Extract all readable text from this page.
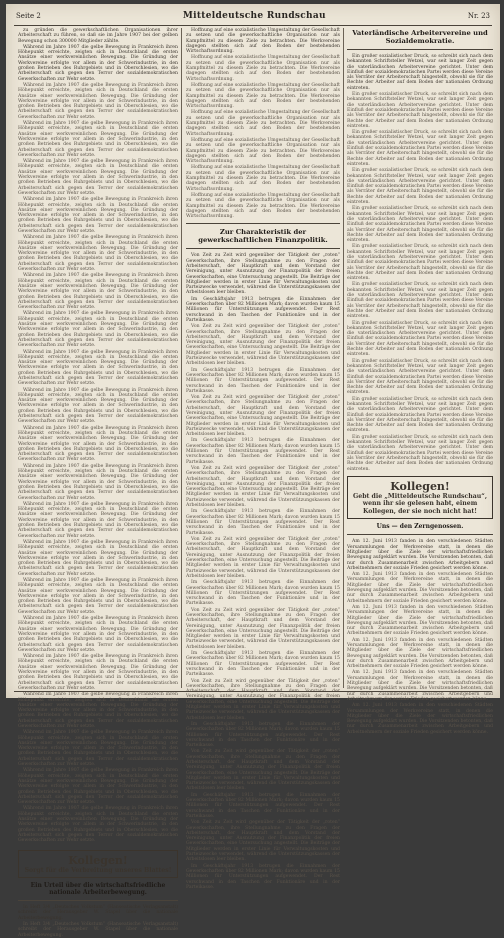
Seite 2	Mitteldeutsche Rundschau	Nr. 23

zu gründen die gewerkschaftlichen Organisationen ihrer Arbeiterschaft zu führen, so daß sie im Jahre 1907 bei der gelben Bewegung schon 300000 Mitglieder zählte.

Während im Jahre 1907 die gelbe Bewegung in Frankreich ihren Höhepunkt erreichte, zeigten sich in Deutschland die ersten Ansätze einer werkvereinlichen Bewegung. Die Gründung der Werkvereine erfolgte vor allem in der Schwerindustrie, in den großen Betrieben des Ruhrgebiets und in Oberschlesien, wo die Arbeiterschaft sich gegen den Terror der sozialdemokratischen Gewerkschaften zur Wehr setzte.

Während im Jahre 1907 die gelbe Bewegung in Frankreich ihren Höhepunkt erreichte, zeigten sich in Deutschland die ersten Ansätze einer werkvereinlichen Bewegung. Die Gründung der Werkvereine erfolgte vor allem in der Schwerindustrie, in den großen Betrieben des Ruhrgebiets und in Oberschlesien, wo die Arbeiterschaft sich gegen den Terror der sozialdemokratischen Gewerkschaften zur Wehr setzte.

Während im Jahre 1907 die gelbe Bewegung in Frankreich ihren Höhepunkt erreichte, zeigten sich in Deutschland die ersten Ansätze einer werkvereinlichen Bewegung. Die Gründung der Werkvereine erfolgte vor allem in der Schwerindustrie, in den großen Betrieben des Ruhrgebiets und in Oberschlesien, wo die Arbeiterschaft sich gegen den Terror der sozialdemokratischen Gewerkschaften zur Wehr setzte.

Während im Jahre 1907 die gelbe Bewegung in Frankreich ihren Höhepunkt erreichte, zeigten sich in Deutschland die ersten Ansätze einer werkvereinlichen Bewegung. Die Gründung der Werkvereine erfolgte vor allem in der Schwerindustrie, in den großen Betrieben des Ruhrgebiets und in Oberschlesien, wo die Arbeiterschaft sich gegen den Terror der sozialdemokratischen Gewerkschaften zur Wehr setzte.

Während im Jahre 1907 die gelbe Bewegung in Frankreich ihren Höhepunkt erreichte, zeigten sich in Deutschland die ersten Ansätze einer werkvereinlichen Bewegung. Die Gründung der Werkvereine erfolgte vor allem in der Schwerindustrie, in den großen Betrieben des Ruhrgebiets und in Oberschlesien, wo die Arbeiterschaft sich gegen den Terror der sozialdemokratischen Gewerkschaften zur Wehr setzte.

Während im Jahre 1907 die gelbe Bewegung in Frankreich ihren Höhepunkt erreichte, zeigten sich in Deutschland die ersten Ansätze einer werkvereinlichen Bewegung. Die Gründung der Werkvereine erfolgte vor allem in der Schwerindustrie, in den großen Betrieben des Ruhrgebiets und in Oberschlesien, wo die Arbeiterschaft sich gegen den Terror der sozialdemokratischen Gewerkschaften zur Wehr setzte.

Während im Jahre 1907 die gelbe Bewegung in Frankreich ihren Höhepunkt erreichte, zeigten sich in Deutschland die ersten Ansätze einer werkvereinlichen Bewegung. Die Gründung der Werkvereine erfolgte vor allem in der Schwerindustrie, in den großen Betrieben des Ruhrgebiets und in Oberschlesien, wo die Arbeiterschaft sich gegen den Terror der sozialdemokratischen Gewerkschaften zur Wehr setzte.

Während im Jahre 1907 die gelbe Bewegung in Frankreich ihren Höhepunkt erreichte, zeigten sich in Deutschland die ersten Ansätze einer werkvereinlichen Bewegung. Die Gründung der Werkvereine erfolgte vor allem in der Schwerindustrie, in den großen Betrieben des Ruhrgebiets und in Oberschlesien, wo die Arbeiterschaft sich gegen den Terror der sozialdemokratischen Gewerkschaften zur Wehr setzte.

Während im Jahre 1907 die gelbe Bewegung in Frankreich ihren Höhepunkt erreichte, zeigten sich in Deutschland die ersten Ansätze einer werkvereinlichen Bewegung. Die Gründung der Werkvereine erfolgte vor allem in der Schwerindustrie, in den großen Betrieben des Ruhrgebiets und in Oberschlesien, wo die Arbeiterschaft sich gegen den Terror der sozialdemokratischen Gewerkschaften zur Wehr setzte.

Während im Jahre 1907 die gelbe Bewegung in Frankreich ihren Höhepunkt erreichte, zeigten sich in Deutschland die ersten Ansätze einer werkvereinlichen Bewegung. Die Gründung der Werkvereine erfolgte vor allem in der Schwerindustrie, in den großen Betrieben des Ruhrgebiets und in Oberschlesien, wo die Arbeiterschaft sich gegen den Terror der sozialdemokratischen Gewerkschaften zur Wehr setzte.

Während im Jahre 1907 die gelbe Bewegung in Frankreich ihren Höhepunkt erreichte, zeigten sich in Deutschland die ersten Ansätze einer werkvereinlichen Bewegung. Die Gründung der Werkvereine erfolgte vor allem in der Schwerindustrie, in den großen Betrieben des Ruhrgebiets und in Oberschlesien, wo die Arbeiterschaft sich gegen den Terror der sozialdemokratischen Gewerkschaften zur Wehr setzte.

Während im Jahre 1907 die gelbe Bewegung in Frankreich ihren Höhepunkt erreichte, zeigten sich in Deutschland die ersten Ansätze einer werkvereinlichen Bewegung. Die Gründung der Werkvereine erfolgte vor allem in der Schwerindustrie, in den großen Betrieben des Ruhrgebiets und in Oberschlesien, wo die Arbeiterschaft sich gegen den Terror der sozialdemokratischen Gewerkschaften zur Wehr setzte.

Während im Jahre 1907 die gelbe Bewegung in Frankreich ihren Höhepunkt erreichte, zeigten sich in Deutschland die ersten Ansätze einer werkvereinlichen Bewegung. Die Gründung der Werkvereine erfolgte vor allem in der Schwerindustrie, in den großen Betrieben des Ruhrgebiets und in Oberschlesien, wo die Arbeiterschaft sich gegen den Terror der sozialdemokratischen Gewerkschaften zur Wehr setzte.

Während im Jahre 1907 die gelbe Bewegung in Frankreich ihren Höhepunkt erreichte, zeigten sich in Deutschland die ersten Ansätze einer werkvereinlichen Bewegung. Die Gründung der Werkvereine erfolgte vor allem in der Schwerindustrie, in den großen Betrieben des Ruhrgebiets und in Oberschlesien, wo die Arbeiterschaft sich gegen den Terror der sozialdemokratischen Gewerkschaften zur Wehr setzte.

Während im Jahre 1907 die gelbe Bewegung in Frankreich ihren Höhepunkt erreichte, zeigten sich in Deutschland die ersten Ansätze einer werkvereinlichen Bewegung. Die Gründung der Werkvereine erfolgte vor allem in der Schwerindustrie, in den großen Betrieben des Ruhrgebiets und in Oberschlesien, wo die Arbeiterschaft sich gegen den Terror der sozialdemokratischen Gewerkschaften zur Wehr setzte.

Während im Jahre 1907 die gelbe Bewegung in Frankreich ihren Höhepunkt erreichte, zeigten sich in Deutschland die ersten Ansätze einer werkvereinlichen Bewegung. Die Gründung der Werkvereine erfolgte vor allem in der Schwerindustrie, in den großen Betrieben des Ruhrgebiets und in Oberschlesien, wo die Arbeiterschaft sich gegen den Terror der sozialdemokratischen Gewerkschaften zur Wehr setzte.

Während im Jahre 1907 die gelbe Bewegung in Frankreich ihren Höhepunkt erreichte, zeigten sich in Deutschland die ersten Ansätze einer werkvereinlichen Bewegung. Die Gründung der Werkvereine erfolgte vor allem in der Schwerindustrie, in den großen Betrieben des Ruhrgebiets und in Oberschlesien, wo die Arbeiterschaft sich gegen den Terror der sozialdemokratischen Gewerkschaften zur Wehr setzte.

Während im Jahre 1907 die gelbe Bewegung in Frankreich ihren Höhepunkt erreichte, zeigten sich in Deutschland die ersten Ansätze einer werkvereinlichen Bewegung. Die Gründung der Werkvereine erfolgte vor allem in der Schwerindustrie, in den großen Betrieben des Ruhrgebiets und in Oberschlesien, wo die Arbeiterschaft sich gegen den Terror der sozialdemokratischen Gewerkschaften zur Wehr setzte.

Während im Jahre 1907 die gelbe Bewegung in Frankreich ihren Höhepunkt erreichte, zeigten sich in Deutschland die ersten Ansätze einer werkvereinlichen Bewegung. Die Gründung der Werkvereine erfolgte vor allem in der Schwerindustrie, in den großen Betrieben des Ruhrgebiets und in Oberschlesien, wo die Arbeiterschaft sich gegen den Terror der sozialdemokratischen Gewerkschaften zur Wehr setzte.

Während im Jahre 1907 die gelbe Bewegung in Frankreich ihren Höhepunkt erreichte, zeigten sich in Deutschland die ersten Ansätze einer werkvereinlichen Bewegung. Die Gründung der Werkvereine erfolgte vor allem in der Schwerindustrie, in den großen Betrieben des Ruhrgebiets und in Oberschlesien, wo die Arbeiterschaft sich gegen den Terror der sozialdemokratischen Gewerkschaften zur Wehr setzte.

Während im Jahre 1907 die gelbe Bewegung in Frankreich ihren Höhepunkt erreichte, zeigten sich in Deutschland die ersten Ansätze einer werkvereinlichen Bewegung. Die Gründung der Werkvereine erfolgte vor allem in der Schwerindustrie, in den großen Betrieben des Ruhrgebiets und in Oberschlesien, wo die Arbeiterschaft sich gegen den Terror der sozialdemokratischen Gewerkschaften zur Wehr setzte.

Kollegen!
Sorgt für die Verbreitung unseres Blattes!
Ein Urteil über die wirtschaftsfriedliche nationale Arbeiterbewegung.

In Heft 3/4 „Deutsches Volkstum“ (Hanseatische Verlagsanstalt) schreibt der Herausgeber W. Stapel über die nationale Arbeiterbewegung.

In Heft 3/4 „Deutsches Volkstum“ (Hanseatische Verlagsanstalt) schreibt der Herausgeber W. Stapel über die nationale Arbeiterbewegung.

Hoffnung auf eine sozialistische Umgestaltung der Gesellschaft zu setzen und die gewerkschaftliche Organisation nur als Kampfmittel zu diesem Ziele zu betrachten. Die Werkvereine dagegen stellten sich auf den Boden der bestehenden Wirtschaftsordnung.

Hoffnung auf eine sozialistische Umgestaltung der Gesellschaft zu setzen und die gewerkschaftliche Organisation nur als Kampfmittel zu diesem Ziele zu betrachten. Die Werkvereine dagegen stellten sich auf den Boden der bestehenden Wirtschaftsordnung.

Hoffnung auf eine sozialistische Umgestaltung der Gesellschaft zu setzen und die gewerkschaftliche Organisation nur als Kampfmittel zu diesem Ziele zu betrachten. Die Werkvereine dagegen stellten sich auf den Boden der bestehenden Wirtschaftsordnung.

Hoffnung auf eine sozialistische Umgestaltung der Gesellschaft zu setzen und die gewerkschaftliche Organisation nur als Kampfmittel zu diesem Ziele zu betrachten. Die Werkvereine dagegen stellten sich auf den Boden der bestehenden Wirtschaftsordnung.

Hoffnung auf eine sozialistische Umgestaltung der Gesellschaft zu setzen und die gewerkschaftliche Organisation nur als Kampfmittel zu diesem Ziele zu betrachten. Die Werkvereine dagegen stellten sich auf den Boden der bestehenden Wirtschaftsordnung.

Hoffnung auf eine sozialistische Umgestaltung der Gesellschaft zu setzen und die gewerkschaftliche Organisation nur als Kampfmittel zu diesem Ziele zu betrachten. Die Werkvereine dagegen stellten sich auf den Boden der bestehenden Wirtschaftsordnung.

Hoffnung auf eine sozialistische Umgestaltung der Gesellschaft zu setzen und die gewerkschaftliche Organisation nur als Kampfmittel zu diesem Ziele zu betrachten. Die Werkvereine dagegen stellten sich auf den Boden der bestehenden Wirtschaftsordnung.

Zur Charakteristik der gewerkschaftlichen Finanzpolitik.

Von Zeit zu Zeit wird gegenüber der Tätigkeit der „roten“ Gewerkschaften, ihre Stellungnahme zu den Fragen der Arbeiterschaft, der Hauptkraft und dem Vorstand der Vereinigung, unter Ausnutzung der Finanzpolitik der freien Gewerkschaften, eine Untersuchung angestellt. Die Beiträge der Mitglieder werden in erster Linie für Verwaltungskosten und Parteizwecke verwendet, während die Unterstützungskassen der Arbeitslosen leer bleiben.

Im Geschäftsjahr 1913 betrugen die Einnahmen der Gewerkschaften über 82 Millionen Mark; davon wurden kaum 15 Millionen für Unterstützungen aufgewendet. Der Rest verschwand in den Taschen der Funktionäre und in der Parteikasse.

Von Zeit zu Zeit wird gegenüber der Tätigkeit der „roten“ Gewerkschaften, ihre Stellungnahme zu den Fragen der Arbeiterschaft, der Hauptkraft und dem Vorstand der Vereinigung, unter Ausnutzung der Finanzpolitik der freien Gewerkschaften, eine Untersuchung angestellt. Die Beiträge der Mitglieder werden in erster Linie für Verwaltungskosten und Parteizwecke verwendet, während die Unterstützungskassen der Arbeitslosen leer bleiben.

Im Geschäftsjahr 1913 betrugen die Einnahmen der Gewerkschaften über 82 Millionen Mark; davon wurden kaum 15 Millionen für Unterstützungen aufgewendet. Der Rest verschwand in den Taschen der Funktionäre und in der Parteikasse.

Von Zeit zu Zeit wird gegenüber der Tätigkeit der „roten“ Gewerkschaften, ihre Stellungnahme zu den Fragen der Arbeiterschaft, der Hauptkraft und dem Vorstand der Vereinigung, unter Ausnutzung der Finanzpolitik der freien Gewerkschaften, eine Untersuchung angestellt. Die Beiträge der Mitglieder werden in erster Linie für Verwaltungskosten und Parteizwecke verwendet, während die Unterstützungskassen der Arbeitslosen leer bleiben.

Im Geschäftsjahr 1913 betrugen die Einnahmen der Gewerkschaften über 82 Millionen Mark; davon wurden kaum 15 Millionen für Unterstützungen aufgewendet. Der Rest verschwand in den Taschen der Funktionäre und in der Parteikasse.

Von Zeit zu Zeit wird gegenüber der Tätigkeit der „roten“ Gewerkschaften, ihre Stellungnahme zu den Fragen der Arbeiterschaft, der Hauptkraft und dem Vorstand der Vereinigung, unter Ausnutzung der Finanzpolitik der freien Gewerkschaften, eine Untersuchung angestellt. Die Beiträge der Mitglieder werden in erster Linie für Verwaltungskosten und Parteizwecke verwendet, während die Unterstützungskassen der Arbeitslosen leer bleiben.

Im Geschäftsjahr 1913 betrugen die Einnahmen der Gewerkschaften über 82 Millionen Mark; davon wurden kaum 15 Millionen für Unterstützungen aufgewendet. Der Rest verschwand in den Taschen der Funktionäre und in der Parteikasse.

Von Zeit zu Zeit wird gegenüber der Tätigkeit der „roten“ Gewerkschaften, ihre Stellungnahme zu den Fragen der Arbeiterschaft, der Hauptkraft und dem Vorstand der Vereinigung, unter Ausnutzung der Finanzpolitik der freien Gewerkschaften, eine Untersuchung angestellt. Die Beiträge der Mitglieder werden in erster Linie für Verwaltungskosten und Parteizwecke verwendet, während die Unterstützungskassen der Arbeitslosen leer bleiben.

Im Geschäftsjahr 1913 betrugen die Einnahmen der Gewerkschaften über 82 Millionen Mark; davon wurden kaum 15 Millionen für Unterstützungen aufgewendet. Der Rest verschwand in den Taschen der Funktionäre und in der Parteikasse.

Von Zeit zu Zeit wird gegenüber der Tätigkeit der „roten“ Gewerkschaften, ihre Stellungnahme zu den Fragen der Arbeiterschaft, der Hauptkraft und dem Vorstand der Vereinigung, unter Ausnutzung der Finanzpolitik der freien Gewerkschaften, eine Untersuchung angestellt. Die Beiträge der Mitglieder werden in erster Linie für Verwaltungskosten und Parteizwecke verwendet, während die Unterstützungskassen der Arbeitslosen leer bleiben.

Im Geschäftsjahr 1913 betrugen die Einnahmen der Gewerkschaften über 82 Millionen Mark; davon wurden kaum 15 Millionen für Unterstützungen aufgewendet. Der Rest verschwand in den Taschen der Funktionäre und in der Parteikasse.

Von Zeit zu Zeit wird gegenüber der Tätigkeit der „roten“ Gewerkschaften, ihre Stellungnahme zu den Fragen der Vereinigung, unter Ausnutzung der Finanzpolitik der freien Gewerkschaften, eine Untersuchung angestellt. Die Beiträge der Mitglieder werden in erster Linie für Verwaltungskosten und Parteizwecke verwendet, während die Unterstützungskassen der Arbeitslosen leer bleiben.

Im Geschäftsjahr 1913 betrugen die Einnahmen der Gewerkschaften über 82 Millionen Mark; davon wurden kaum 15 Millionen für Unterstützungen aufgewendet. Der Rest verschwand in den Taschen der Funktionäre und in der Parteikasse.

Von Zeit zu Zeit wird gegenüber der Tätigkeit der „roten“ Gewerkschaften, ihre Stellungnahme zu den Fragen der Arbeiterschaft, der Hauptkraft und dem Vorstand der Vereinigung, unter Ausnutzung der Finanzpolitik der freien Gewerkschaften, eine Untersuchung angestellt. Die Beiträge der Mitglieder werden in erster Linie für Verwaltungskosten und Parteizwecke verwendet, während die Unterstützungskassen der Arbeitslosen leer bleiben.

Im Geschäftsjahr 1913 betrugen die Einnahmen der Gewerkschaften über 82 Millionen Mark; davon wurden kaum 15 Millionen für Unterstützungen aufgewendet. Der Rest verschwand in den Taschen der Funktionäre und in der Parteikasse.

Von Zeit zu Zeit wird gegenüber der Tätigkeit der „roten“ Gewerkschaften, ihre Stellungnahme zu den Fragen der Arbeiterschaft, der Hauptkraft und dem Vorstand der Vereinigung, unter Ausnutzung der Finanzpolitik der freien Gewerkschaften, eine Untersuchung angestellt. Die Beiträge der Mitglieder werden in erster Linie für Verwaltungskosten und Parteizwecke verwendet, während die Unterstützungskassen der Arbeitslosen leer bleiben.

Im Geschäftsjahr 1913 betrugen die Einnahmen der Gewerkschaften über 82 Millionen Mark; davon wurden kaum 15 Millionen für Unterstützungen aufgewendet. Der Rest verschwand in den Taschen der Funktionäre und in der Parteikasse.

Vaterländische Arbeitervereine und Sozialdemokratie.

Ein großer sozialistischer Druck, so schreibt sich nach dem bekannten Schriftsteller Wetzel, war seit langer Zeit gegen die vaterländischen Arbeitervereine gerichtet. Unter dem Einfluß der sozialdemokratischen Partei werden diese Vereine als Verräter der Arbeiterschaft hingestellt, obwohl sie für die Rechte der Arbeiter auf dem Boden der nationalen Ordnung eintreten.

Ein großer sozialistischer Druck, so schreibt sich nach dem bekannten Schriftsteller Wetzel, war seit langer Zeit gegen die vaterländischen Arbeitervereine gerichtet. Unter dem Einfluß der sozialdemokratischen Partei werden diese Vereine als Verräter der Arbeiterschaft hingestellt, obwohl sie für die Rechte der Arbeiter auf dem Boden der nationalen Ordnung eintreten.

Ein großer sozialistischer Druck, so schreibt sich nach dem bekannten Schriftsteller Wetzel, war seit langer Zeit gegen die vaterländischen Arbeitervereine gerichtet. Unter dem Einfluß der sozialdemokratischen Partei werden diese Vereine als Verräter der Arbeiterschaft hingestellt, obwohl sie für die Rechte der Arbeiter auf dem Boden der nationalen Ordnung eintreten.

Ein großer sozialistischer Druck, so schreibt sich nach dem bekannten Schriftsteller Wetzel, war seit langer Zeit gegen die vaterländischen Arbeitervereine gerichtet. Unter dem Einfluß der sozialdemokratischen Partei werden diese Vereine als Verräter der Arbeiterschaft hingestellt, obwohl sie für die Rechte der Arbeiter auf dem Boden der nationalen Ordnung eintreten.

Ein großer sozialistischer Druck, so schreibt sich nach dem bekannten Schriftsteller Wetzel, war seit langer Zeit gegen die vaterländischen Arbeitervereine gerichtet. Unter dem Einfluß der sozialdemokratischen Partei werden diese Vereine als Verräter der Arbeiterschaft hingestellt, obwohl sie für die Rechte der Arbeiter auf dem Boden der nationalen Ordnung eintreten.

Ein großer sozialistischer Druck, so schreibt sich nach dem bekannten Schriftsteller Wetzel, war seit langer Zeit gegen die vaterländischen Arbeitervereine gerichtet. Unter dem Einfluß der sozialdemokratischen Partei werden diese Vereine als Verräter der Arbeiterschaft hingestellt, obwohl sie für die Rechte der Arbeiter auf dem Boden der nationalen Ordnung eintreten.

Ein großer sozialistischer Druck, so schreibt sich nach dem bekannten Schriftsteller Wetzel, war seit langer Zeit gegen die vaterländischen Arbeitervereine gerichtet. Unter dem Einfluß der sozialdemokratischen Partei werden diese Vereine als Verräter der Arbeiterschaft hingestellt, obwohl sie für die Rechte der Arbeiter auf dem Boden der nationalen Ordnung eintreten.

Ein großer sozialistischer Druck, so schreibt sich nach dem bekannten Schriftsteller Wetzel, war seit langer Zeit gegen die vaterländischen Arbeitervereine gerichtet. Unter dem Einfluß der sozialdemokratischen Partei werden diese Vereine als Verräter der Arbeiterschaft hingestellt, obwohl sie für die Rechte der Arbeiter auf dem Boden der nationalen Ordnung eintreten.

Ein großer sozialistischer Druck, so schreibt sich nach dem bekannten Schriftsteller Wetzel, war seit langer Zeit gegen die vaterländischen Arbeitervereine gerichtet. Unter dem Einfluß der sozialdemokratischen Partei werden diese Vereine als Verräter der Arbeiterschaft hingestellt, obwohl sie für die Rechte der Arbeiter auf dem Boden der nationalen Ordnung eintreten.

Ein großer sozialistischer Druck, so schreibt sich nach dem bekannten Schriftsteller Wetzel, war seit langer Zeit gegen die vaterländischen Arbeitervereine gerichtet. Unter dem Einfluß der sozialdemokratischen Partei werden diese Vereine als Verräter der Arbeiterschaft hingestellt, obwohl sie für die Rechte der Arbeiter auf dem Boden der nationalen Ordnung eintreten.

Ein großer sozialistischer Druck, so schreibt sich nach dem bekannten Schriftsteller Wetzel, war seit langer Zeit gegen die vaterländischen Arbeitervereine gerichtet. Unter dem Einfluß der sozialdemokratischen Partei werden diese Vereine als Verräter der Arbeiterschaft hingestellt, obwohl sie für die Rechte der Arbeiter auf dem Boden der nationalen Ordnung eintreten.

Kollegen!
Gebt die „Mitteldeutsche Rundschau“, wenn ihr sie gelesen habt, einem Kollegen, der sie noch nicht hat!
Uns — den Zerngenossen.

Am 12. Juni 1913 fanden in den verschiedenen Städten Versammlungen der Werkvereine statt, in denen die Mitglieder über die Ziele der wirtschaftsfriedlichen Bewegung aufgeklärt wurden. Die Vorsitzenden betonten, daß nur durch Zusammenarbeit zwischen Arbeitgebern und Arbeitnehmern der soziale Frieden gesichert werden könne.

Am 12. Juni 1913 fanden in den verschiedenen Städten Versammlungen der Werkvereine statt, in denen die Mitglieder über die Ziele der wirtschaftsfriedlichen Bewegung aufgeklärt wurden. Die Vorsitzenden betonten, daß nur durch Zusammenarbeit zwischen Arbeitgebern und Arbeitnehmern der soziale Frieden gesichert werden könne.

Am 12. Juni 1913 fanden in den verschiedenen Städten Versammlungen der Werkvereine statt, in denen die Mitglieder über die Ziele der wirtschaftsfriedlichen Bewegung aufgeklärt wurden. Die Vorsitzenden betonten, daß nur durch Zusammenarbeit zwischen Arbeitgebern und Arbeitnehmern der soziale Frieden gesichert werden könne.

Am 12. Juni 1913 fanden in den verschiedenen Städten Versammlungen der Werkvereine statt, in denen die Mitglieder über die Ziele der wirtschaftsfriedlichen Bewegung aufgeklärt wurden. Die Vorsitzenden betonten, daß nur durch Zusammenarbeit zwischen Arbeitgebern und Arbeitnehmern der soziale Frieden gesichert werden könne.

Am 12. Juni 1913 fanden in den verschiedenen Städten Versammlungen der Werkvereine statt, in denen die Mitglieder über die Ziele der wirtschaftsfriedlichen Bewegung aufgeklärt wurden. Die Vorsitzenden betonten, daß nur durch Zusammenarbeit zwischen Arbeitgebern und Arbeitnehmern der soziale Frieden gesichert werden könne.

Am 12. Juni 1913 fanden in den verschiedenen Städten Versammlungen der Werkvereine statt, in denen die Mitglieder über die Ziele der wirtschaftsfriedlichen Bewegung aufgeklärt wurden. Die Vorsitzenden betonten, daß nur durch Zusammenarbeit zwischen Arbeitgebern und Arbeitnehmern der soziale Frieden gesichert werden könne.
